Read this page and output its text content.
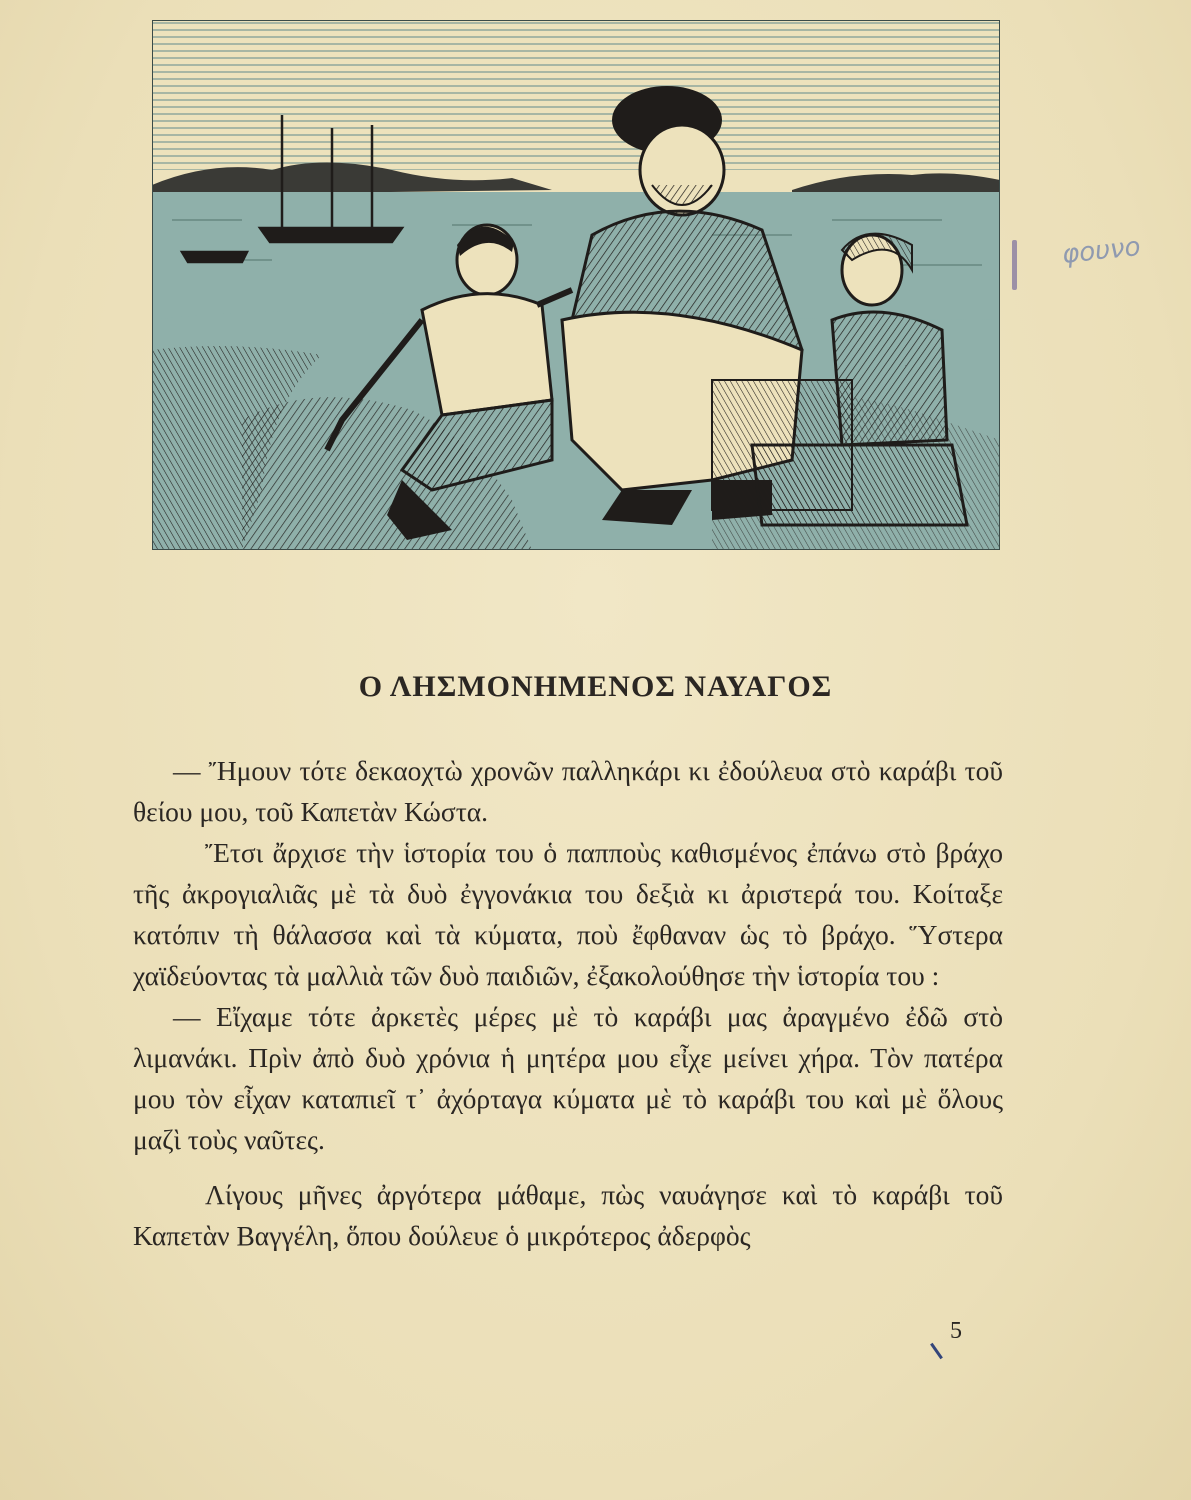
φουνο
Ο ΛΗΣΜΟΝΗΜΕΝΟΣ ΝΑΥΑΓΟΣ

— Ἤμουν τότε δεκαοχτὼ χρονῶν παλληκάρι κι ἐδούλευα στὸ καράβι τοῦ θείου μου, τοῦ Καπετὰν Κώστα.

Ἔτσι ἄρχισε τὴν ἱστορία του ὁ παπποὺς καθισμένος ἐπάνω στὸ βράχο τῆς ἀκρογιαλιᾶς μὲ τὰ δυὸ ἐγγονάκια του δεξιὰ κι ἀριστερά του. Κοίταξε κατόπιν τὴ θάλασσα καὶ τὰ κύματα, ποὺ ἔφθαναν ὡς τὸ βράχο. Ὕστερα χαϊδεύοντας τὰ μαλλιὰ τῶν δυὸ παιδιῶν, ἐξακολούθησε τὴν ἱστορία του :

— Εἴχαμε τότε ἀρκετὲς μέρες μὲ τὸ καράβι μας ἀραγμένο ἐδῶ στὸ λιμανάκι. Πρὶν ἀπὸ δυὸ χρόνια ἡ μητέρα μου εἶχε μείνει χήρα. Τὸν πατέρα μου τὸν εἶχαν καταπιεῖ τ᾿ ἀχόρταγα κύματα μὲ τὸ καράβι του καὶ μὲ ὅλους μαζὶ τοὺς ναῦτες.

Λίγους μῆνες ἀργότερα μάθαμε, πὼς ναυάγησε καὶ τὸ καράβι τοῦ Καπετὰν Βαγγέλη, ὅπου δούλευε ὁ μικρότερος ἀδερφὸς

5
